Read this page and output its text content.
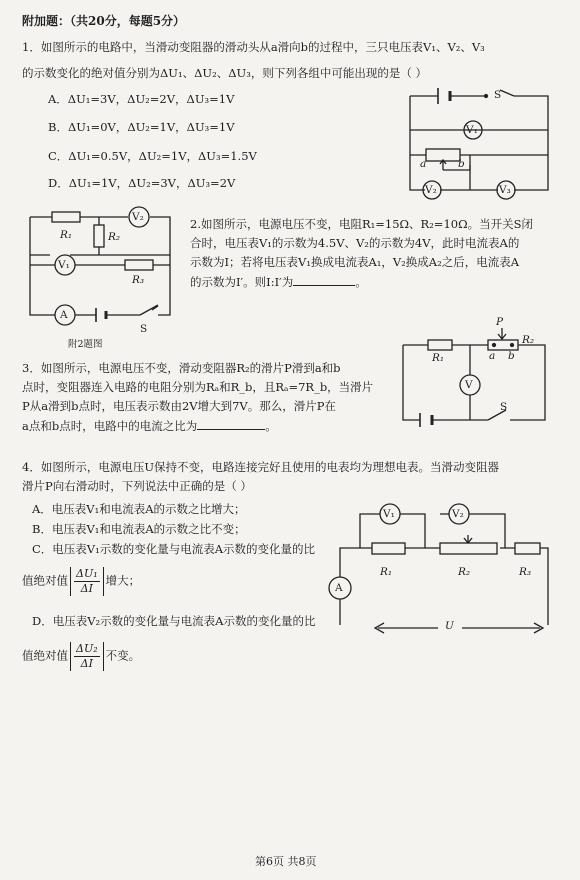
附加题：（共20分，每题5分）
1．如图所示的电路中，当滑动变阻器的滑动头从a滑向b的过程中，三只电压表V₁、V₂、V₃
的示数变化的绝对值分别为ΔU₁、ΔU₂、ΔU₃，则下列各组中可能出现的是（ ）
A．ΔU₁=3V，ΔU₂=2V，ΔU₃=1V
B．ΔU₁=0V，ΔU₂=1V，ΔU₃=1V
C．ΔU₁=0.5V，ΔU₂=1V，ΔU₃=1.5V
D．ΔU₁=1V，ΔU₂=3V，ΔU₃=2V
2.如图所示，电源电压不变，电阻R₁=15Ω、R₂=10Ω。当开关S闭
合时，电压表V₁的示数为4.5V、V₂的示数为4V，此时电流表A的
示数为I；若将电压表V₁换成电流表A₁，V₂换成A₂之后，电流表A
的示数为I′。则I:I′为	。
附2题图
3．如图所示，电源电压不变，滑动变阻器R₂的滑片P滑到a和b
点时，变阻器连入电路的电阻分别为Rₐ和R_b，且Rₐ=7R_b，当滑片
P从a滑到b点时，电压表示数由2V增大到7V。那么，滑片P在
a点和b点时，电路中的电流之比为	。
4．如图所示，电源电压U保持不变，电路连接完好且使用的电表均为理想电表。当滑动变阻器
滑片P向右滑动时，下列说法中正确的是（ ）
A．电压表V₁和电流表A的示数之比增大；
B．电压表V₁和电流表A的示数之比不变；
C．电压表V₁示数的变化量与电流表A示数的变化量的比
值绝对值 $\frac{\text{ΔU₁}}{\Delta I}$ 增大；
D．电压表V₂示数的变化量与电流表A示数的变化量的比
值绝对值 $\frac{\text{ΔU₂}}{\Delta I}$ 不变。
第6页 共8页
S
V₁
a	b
V₂	V₃
V₂
R₁	R₂
V₁
R₃
A
S
P
R₁
R₂
a b
V
S
V₁	V₂
A
R₁	R₂	R₃
U
